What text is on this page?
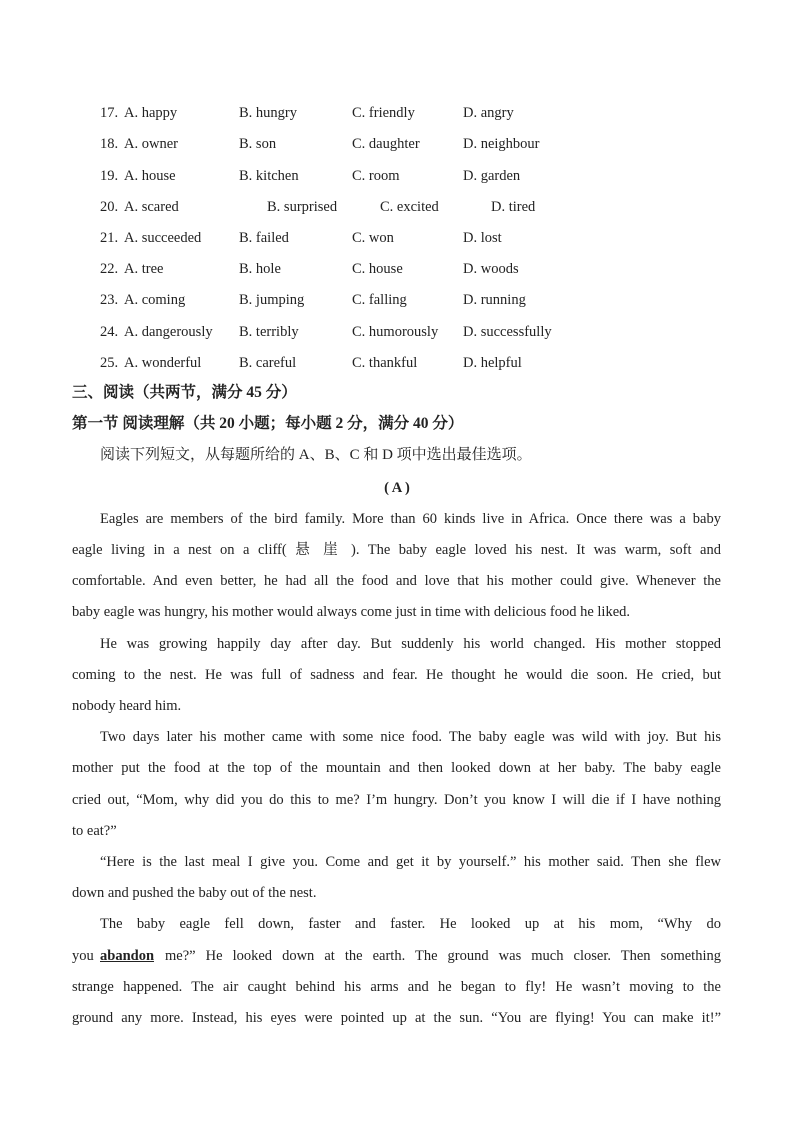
17. A. happy	B. hungry	C. friendly	D. angry
18. A. owner	B. son	C. daughter	D. neighbour
19. A. house	B. kitchen	C. room	D. garden
20. A. scared	B. surprised	C. excited	D. tired
21. A. succeeded	B. failed	C. won	D. lost
22. A. tree	B. hole	C. house	D. woods
23. A. coming	B. jumping	C. falling	D. running
24. A. dangerously B. terribly	C. humorously D. successfully
25. A. wonderful	B. careful	C. thankful	D. helpful
三、阅读（共两节，满分 45 分）
第一节 阅读理解（共 20 小题；每小题 2 分，满分 40 分）
阅读下列短文，从每题所给的 A、B、C 和 D 项中选出最佳选项。
( A )
Eagles are members of the bird family. More than 60 kinds live in Africa. Once there was a baby
eagle living in a nest on a cliff( 悬 崖 ). The baby eagle loved his nest. It was warm, soft and
comfortable. And even better, he had all the food and love that his mother could give. Whenever the
baby eagle was hungry, his mother would always come just in time with delicious food he liked.
He was growing happily day after day. But suddenly his world changed. His mother stopped
coming to the nest. He was full of sadness and fear. He thought he would die soon. He cried, but
nobody heard him.
Two days later his mother came with some nice food. The baby eagle was wild with joy. But his
mother put the food at the top of the mountain and then looked down at her baby. The baby eagle
cried out, “Mom, why did you do this to me? I’m hungry. Don’t you know I will die if I have nothing
to eat?”
“Here is the last meal I give you. Come and get it by yourself.” his mother said. Then she flew
down and pushed the baby out of the nest.
The baby eagle fell down, faster and faster. He looked up at his mom, “Why do
you abandon me?” He looked down at the earth. The ground was much closer. Then something
strange happened. The air caught behind his arms and he began to fly! He wasn’t moving to the
ground any more. Instead, his eyes were pointed up at the sun. “You are flying! You can make it!”
